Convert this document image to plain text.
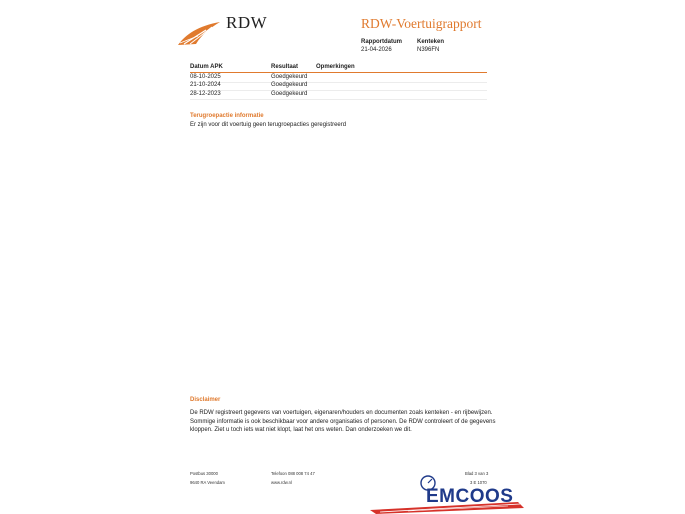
RDW	RDW-Voertuigrapport
Rapportdatum
21-04-2026
Kenteken
N396FN
Datum APK	Resultaat	Opmerkingen
08-10-2025	Goedgekeurd
21-10-2024	Goedgekeurd
28-12-2023	Goedgekeurd
Terugroepactie informatie
Er zijn voor dit voertuig geen terugroepacties geregistreerd
Disclaimer
De RDW registreert gegevens van voertuigen, eigenaren/houders en documenten zoals kenteken - en rijbewijzen.
Sommige informatie is ook beschikbaar voor andere organisaties of personen. De RDW controleert of de gegevens
kloppen. Ziet u toch iets wat niet klopt, laat het ons weten. Dan onderzoeken we dit.
Postbus 30000
9640 RA Veendam
Telefoon 088 008 74 47
www.rdw.nl
Blad 3 van 3
3 E 1070
EMCOOS
